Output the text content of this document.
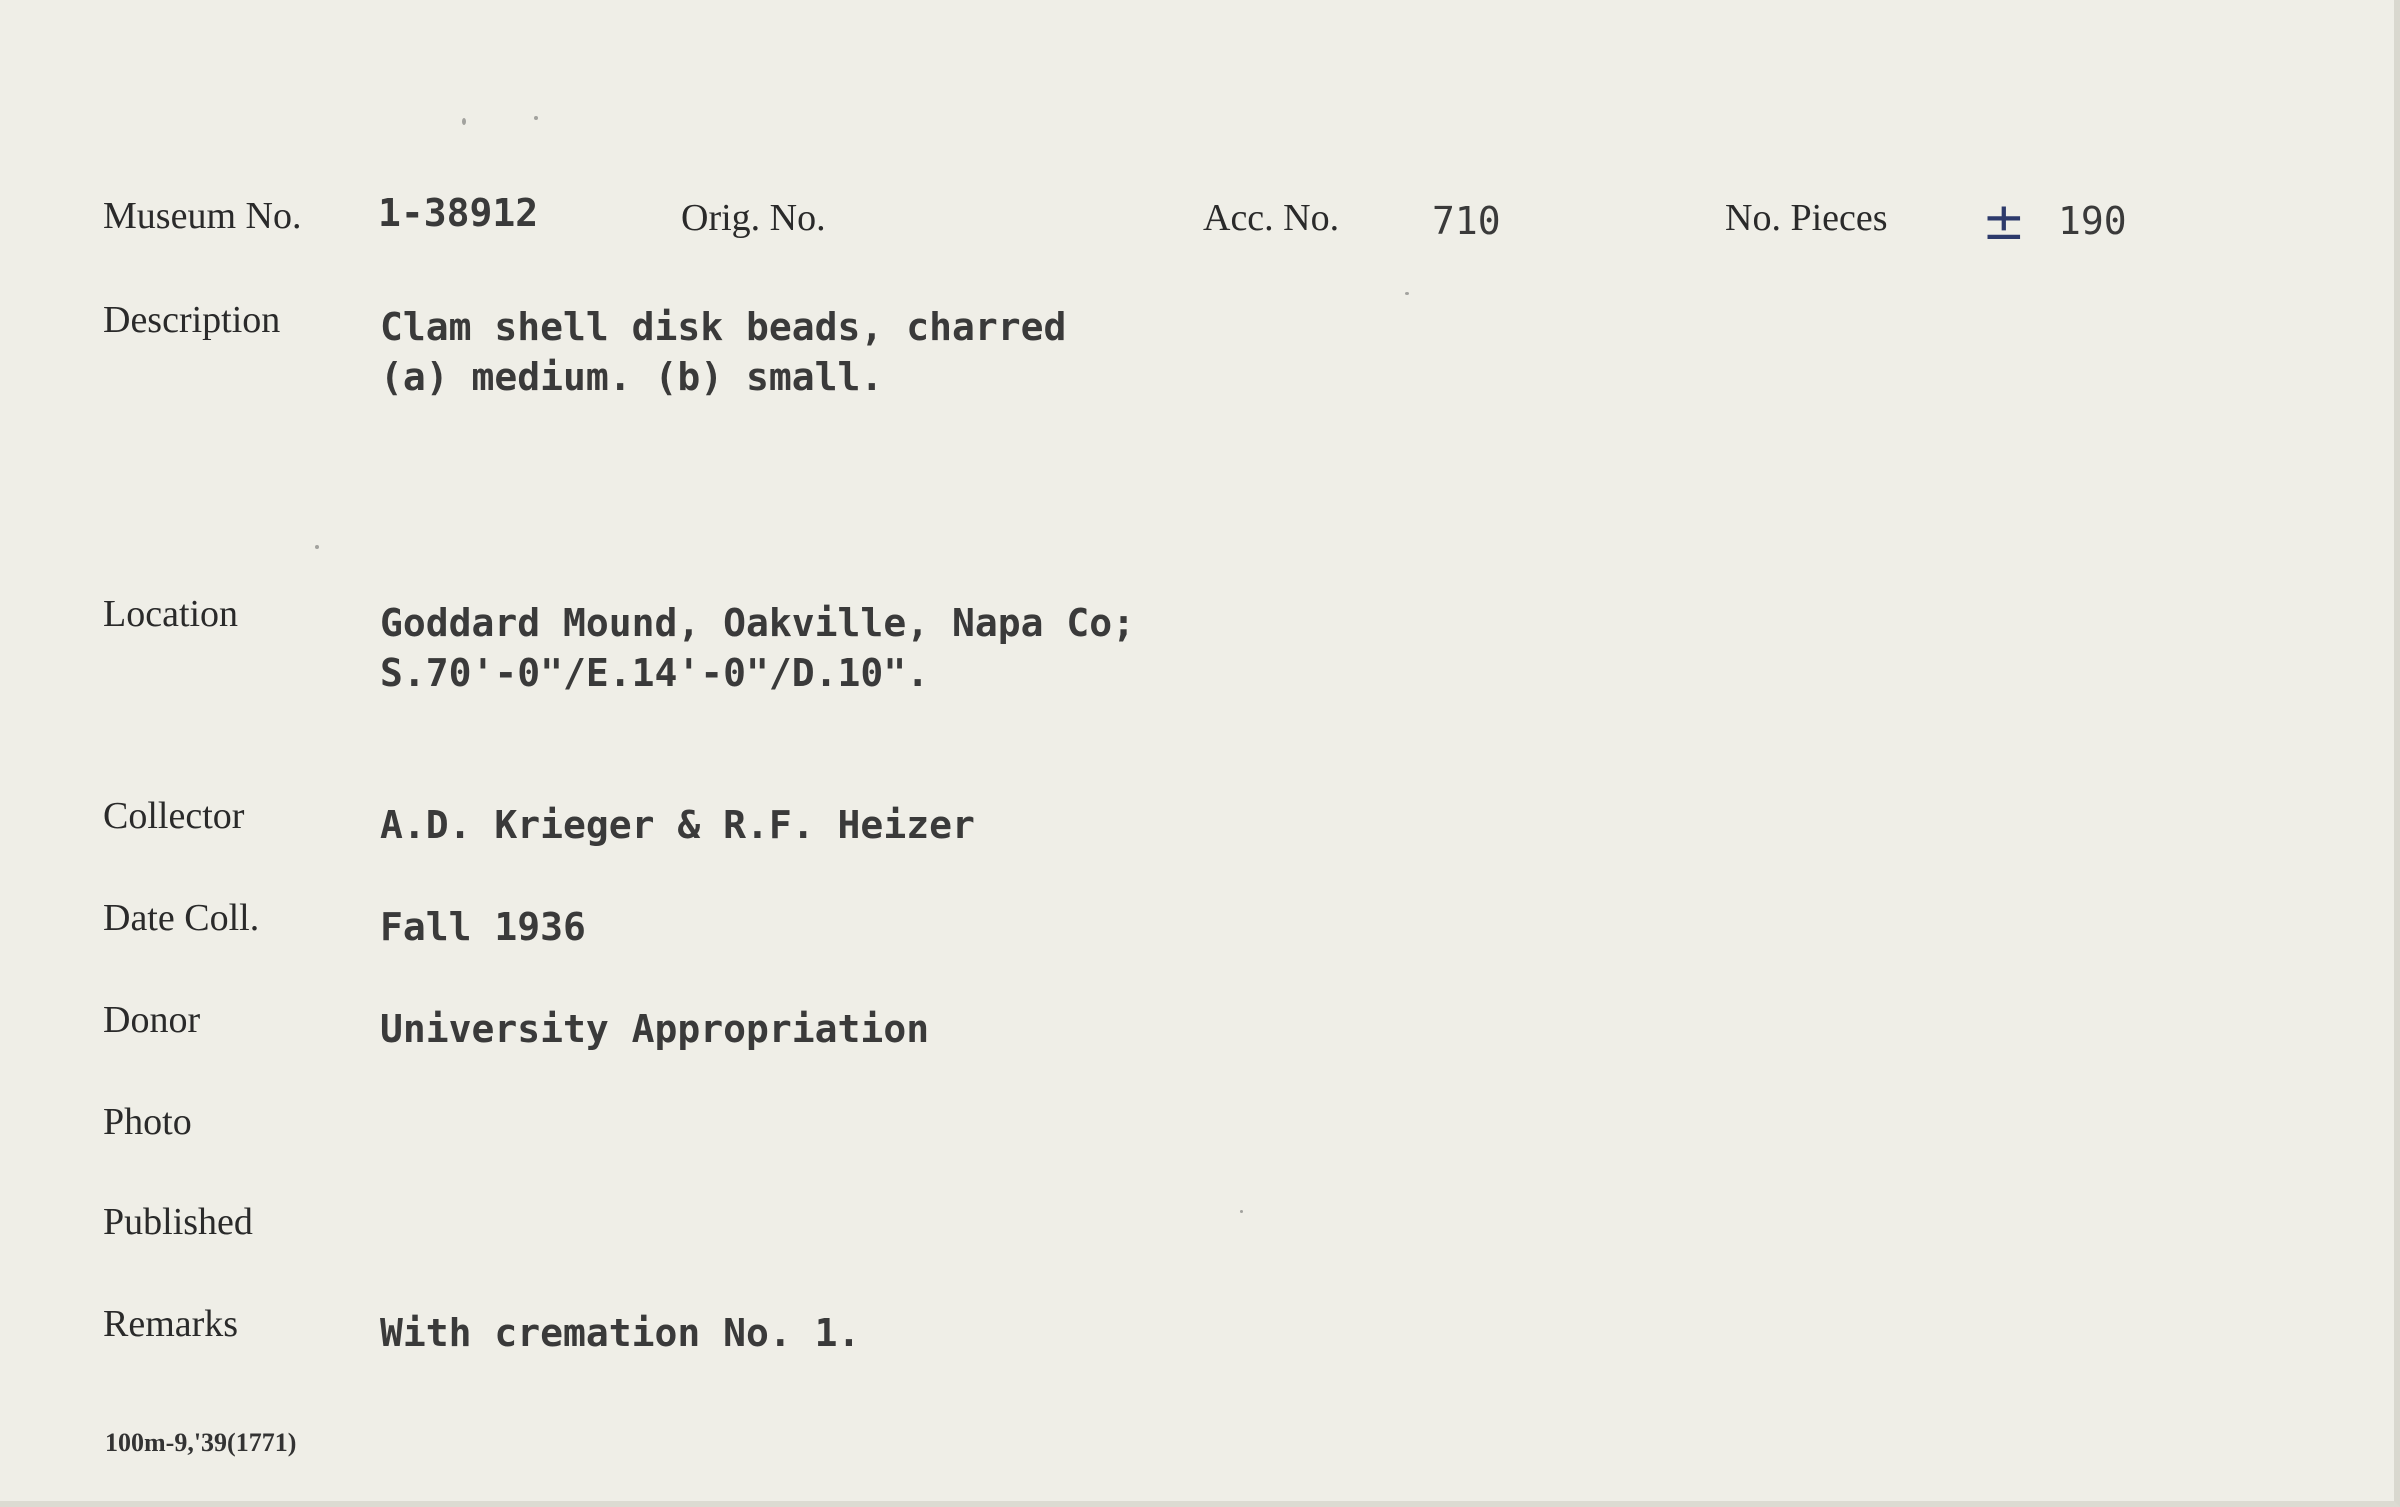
Museum No. 1-38912	Orig. No.	Acc. No. 710	No. Pieces ± 190
Description	Clam shell disk beads, charred
(a) medium. (b) small.
Location	Goddard Mound, Oakville, Napa Co;
S.70'-0"/E.14'-0"/D.10".
Collector	A.D. Krieger & R.F. Heizer
Date Coll.	Fall 1936
Donor	University Appropriation
Photo
Published
Remarks	With cremation No. 1.
100m-9,'39(1771)
